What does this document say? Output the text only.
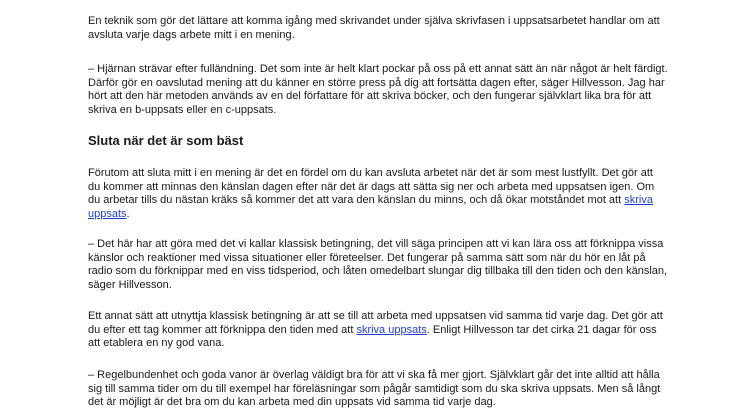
En teknik som gör det lättare att komma igång med skrivandet under själva skrivfasen i uppsatsarbetet handlar om att avsluta varje dags arbete mitt i en mening.

– Hjärnan strävar efter fulländning. Det som inte är helt klart pockar på oss på ett annat sätt än när något är helt färdigt. Därför gör en oavslutad mening att du känner en större press på dig att fortsätta dagen efter, säger Hillvesson. Jag har hört att den här metoden används av en del författare för att skriva böcker, och den fungerar självklart lika bra för att skriva en b-uppsats eller en c-uppsats.

Sluta när det är som bäst

Förutom att sluta mitt i en mening är det en fördel om du kan avsluta arbetet när det är som mest lustfyllt. Det gör att du kommer att minnas den känslan dagen efter när det är dags att sätta sig ner och arbeta med uppsatsen igen. Om du arbetar tills du nästan kräks så kommer det att vara den känslan du minns, och då ökar motståndet mot att skriva uppsats.

– Det här har att göra med det vi kallar klassisk betingning, det vill säga principen att vi kan lära oss att förknippa vissa känslor och reaktioner med vissa situationer eller företeelser. Det fungerar på samma sätt som när du hör en låt på radio som du förknippar med en viss tidsperiod, och låten omedelbart slungar dig tillbaka till den tiden och den känslan, säger Hillvesson.

Ett annat sätt att utnyttja klassisk betingning är att se till att arbeta med uppsatsen vid samma tid varje dag. Det gör att du efter ett tag kommer att förknippa den tiden med att skriva uppsats. Enligt Hillvesson tar det cirka 21 dagar för oss att etablera en ny god vana.

– Regelbundenhet och goda vanor är överlag väldigt bra för att vi ska få mer gjort. Självklart går det inte alltid att hålla sig till samma tider om du till exempel har föreläsningar som pågår samtidigt som du ska skriva uppsats. Men så långt det är möjligt är det bra om du kan arbeta med din uppsats vid samma tid varje dag.
